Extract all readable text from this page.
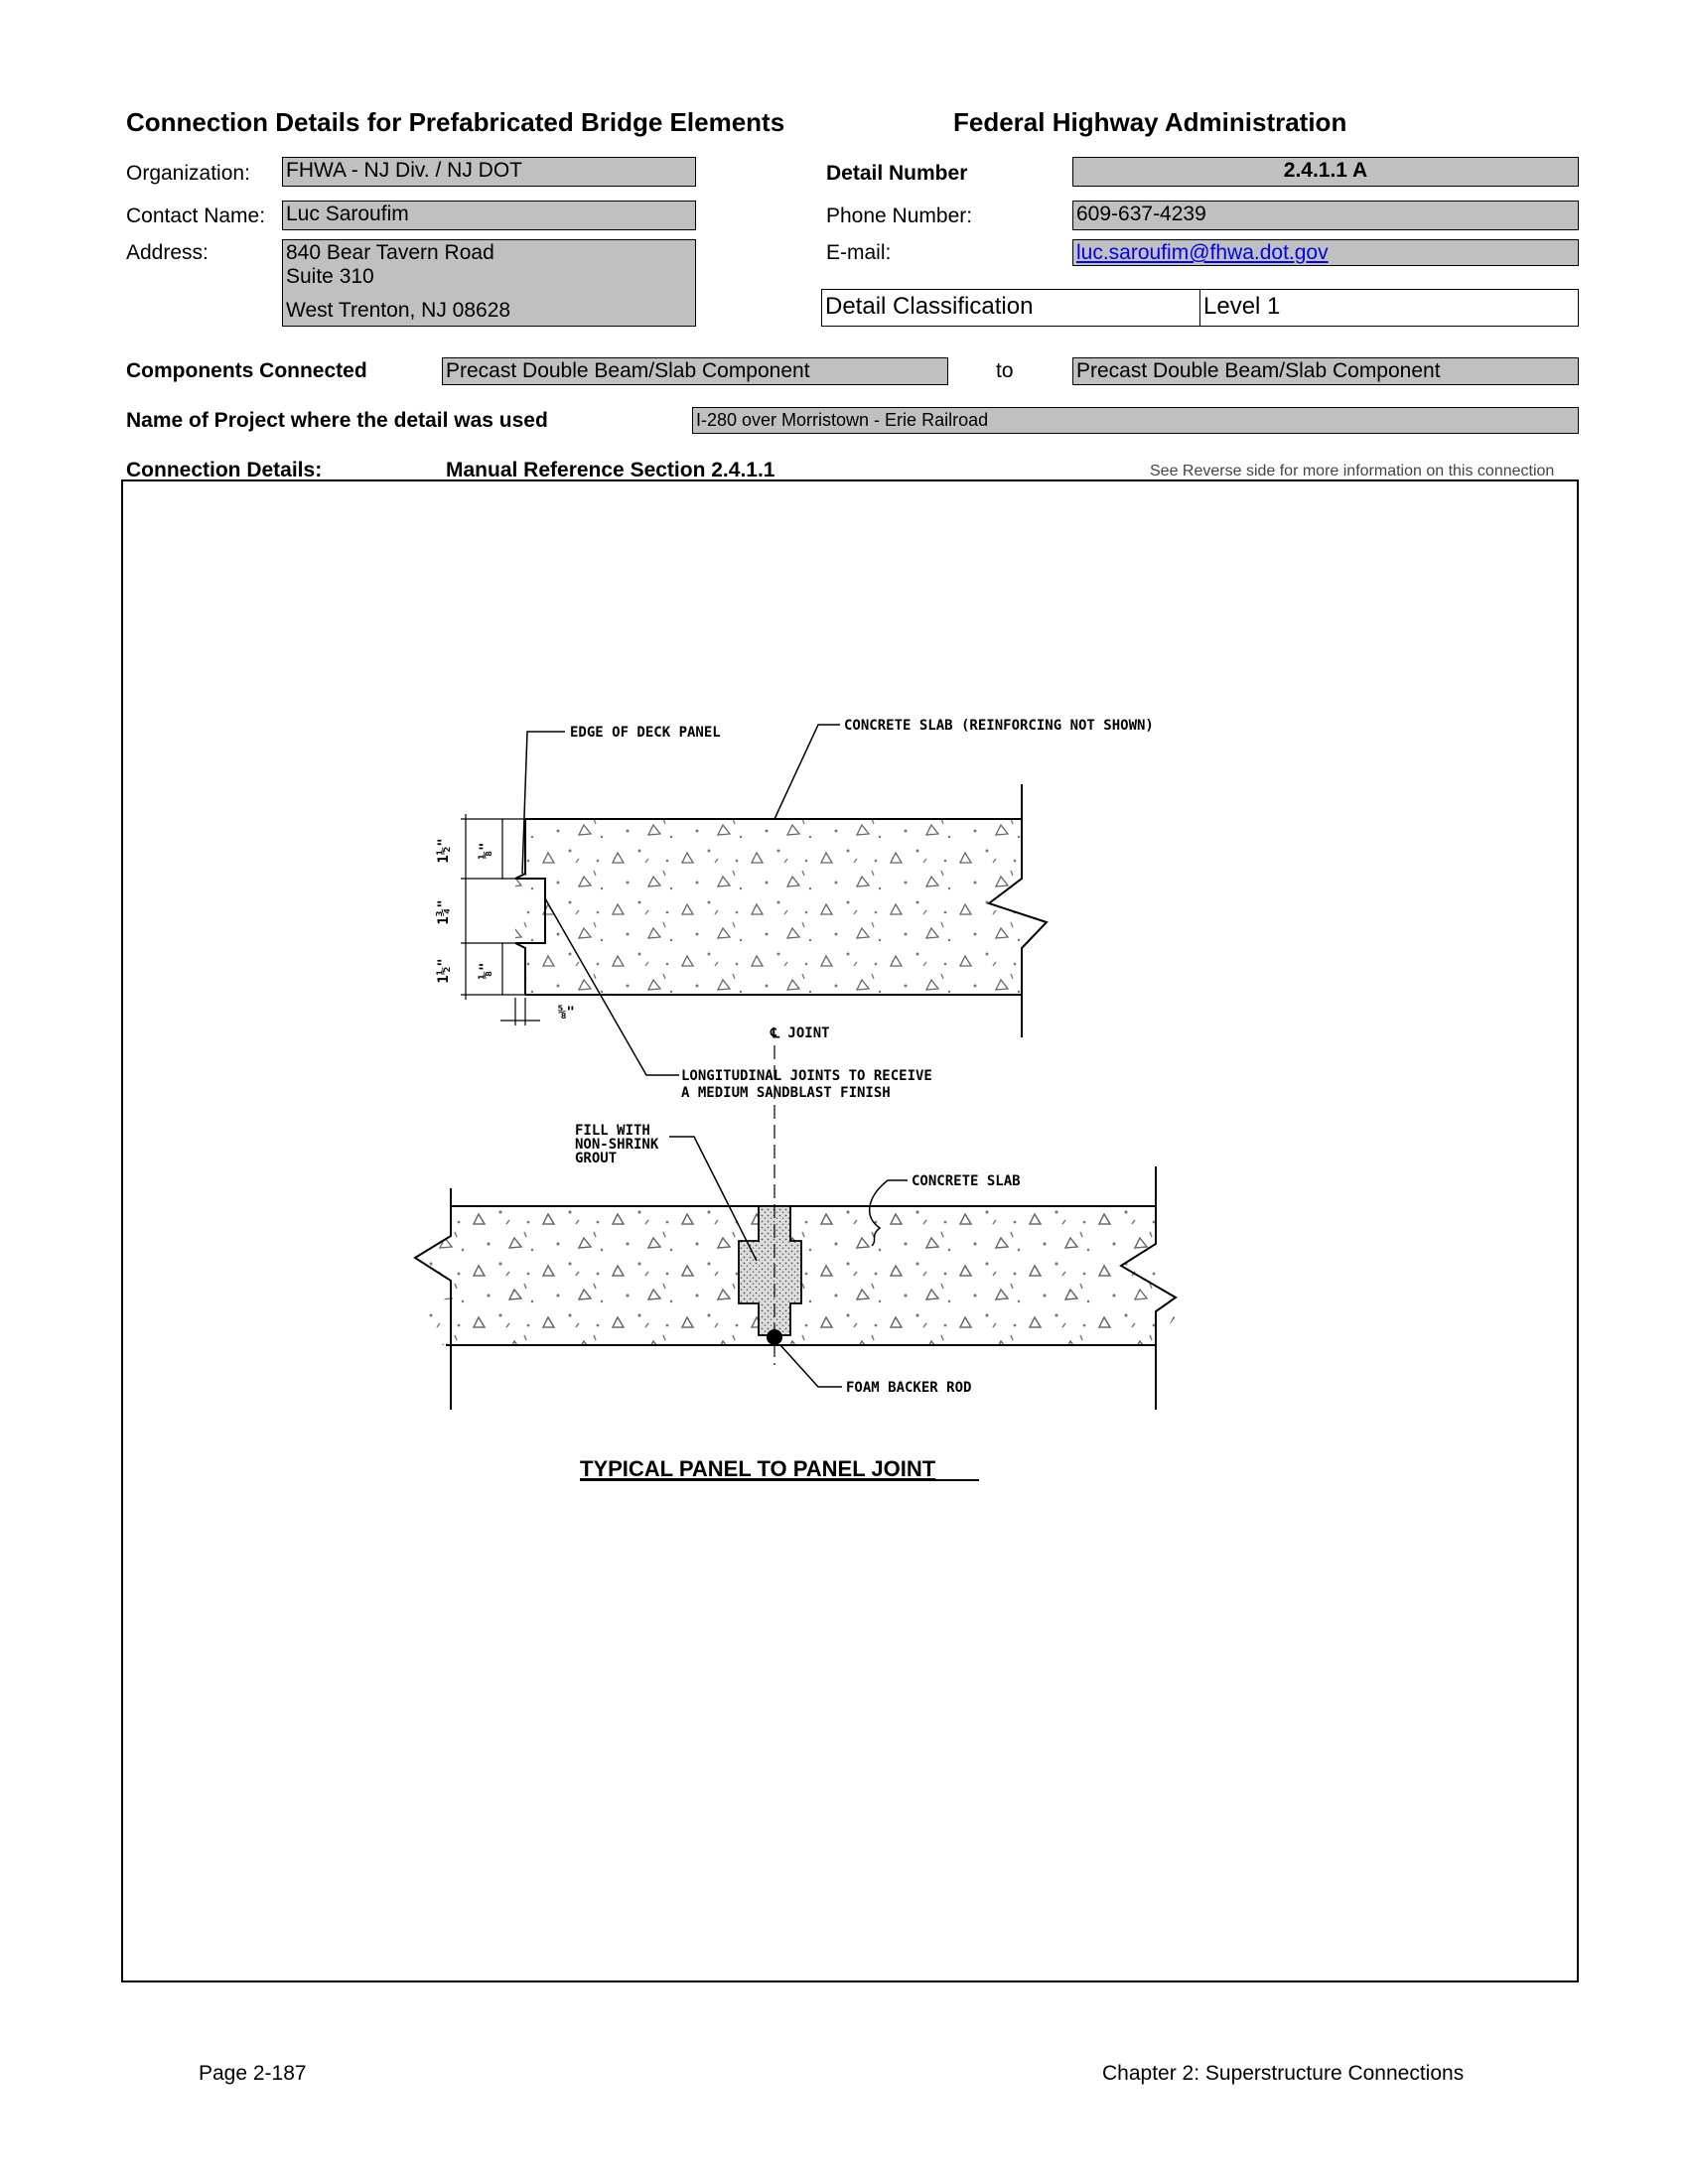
Connection Details for Prefabricated Bridge Elements	Federal Highway Administration
Organization: FHWA - NJ Div. / NJ DOT
Contact Name: Luc Saroufim
Address:	840 Bear Tavern Road
Suite 310
West Trenton, NJ 08628
Detail Number	2.4.1.1 A
Phone Number:	609-637-4239
E-mail:	luc.saroufim@fhwa.dot.gov
Detail Classification	Level 1
Components Connected	Precast Double Beam/Slab Component	to	Precast Double Beam/Slab Component
Name of Project where the detail was used	I-280 over Morristown - Erie Railroad
Connection Details:	Manual Reference Section 2.4.1.1	See Reverse side for more information on this connection
1½" ⅛"
1¾"
1½" ⅛"
⅝"
EDGE OF DECK PANEL	CONCRETE SLAB (REINFORCING NOT SHOWN)
LONGITUDINAL JOINTS TO RECEIVE
A MEDIUM SANDBLAST FINISH
℄ JOINT
FILL WITH
NON-SHRINK
GROUT
CONCRETE SLAB
FOAM BACKER ROD
TYPICAL PANEL TO PANEL JOINT
Page 2-187	Chapter 2: Superstructure Connections
